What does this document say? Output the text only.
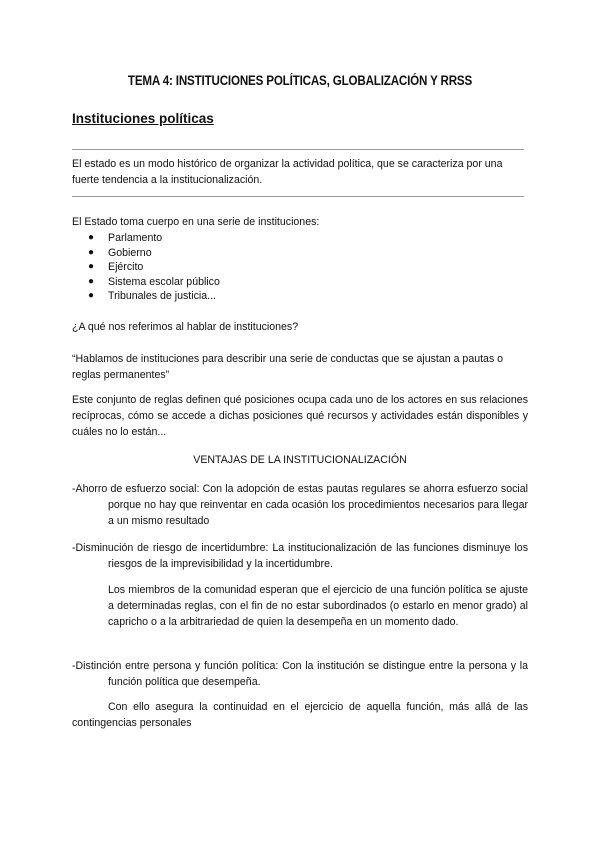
TEMA 4: INSTITUCIONES POLÍTICAS, GLOBALIZACIÓN Y RRSS
Instituciones políticas
El estado es un modo histórico de organizar la actividad política, que se caracteriza por una fuerte tendencia a la institucionalización.
El Estado toma cuerpo en una serie de instituciones:
● Parlamento
● Gobierno
● Ejército
● Sistema escolar público
● Tribunales de justicia...
¿A qué nos referimos al hablar de instituciones?
“Hablamos de instituciones para describir una serie de conductas que se ajustan a pautas o reglas permanentes”
Este conjunto de reglas definen qué posiciones ocupa cada uno de los actores en sus relaciones recíprocas, cómo se accede a dichas posiciones qué recursos y actividades están disponibles y cuáles no lo están...
VENTAJAS DE LA INSTITUCIONALIZACIÓN
-Ahorro de esfuerzo social: Con la adopción de estas pautas regulares se ahorra esfuerzo social porque no hay que reinventar en cada ocasión los procedimientos necesarios para llegar a un mismo resultado
-Disminución de riesgo de incertidumbre: La institucionalización de las funciones disminuye los riesgos de la imprevisibilidad y la incertidumbre.
Los miembros de la comunidad esperan que el ejercicio de una función política se ajuste a determinadas reglas, con el fin de no estar subordinados (o estarlo en menor grado) al capricho o a la arbitrariedad de quien la desempeña en un momento dado.
-Distinción entre persona y función política: Con la institución se distingue entre la persona y la función política que desempeña.
Con ello asegura la continuidad en el ejercicio de aquella función, más allá de las contingencias personales
